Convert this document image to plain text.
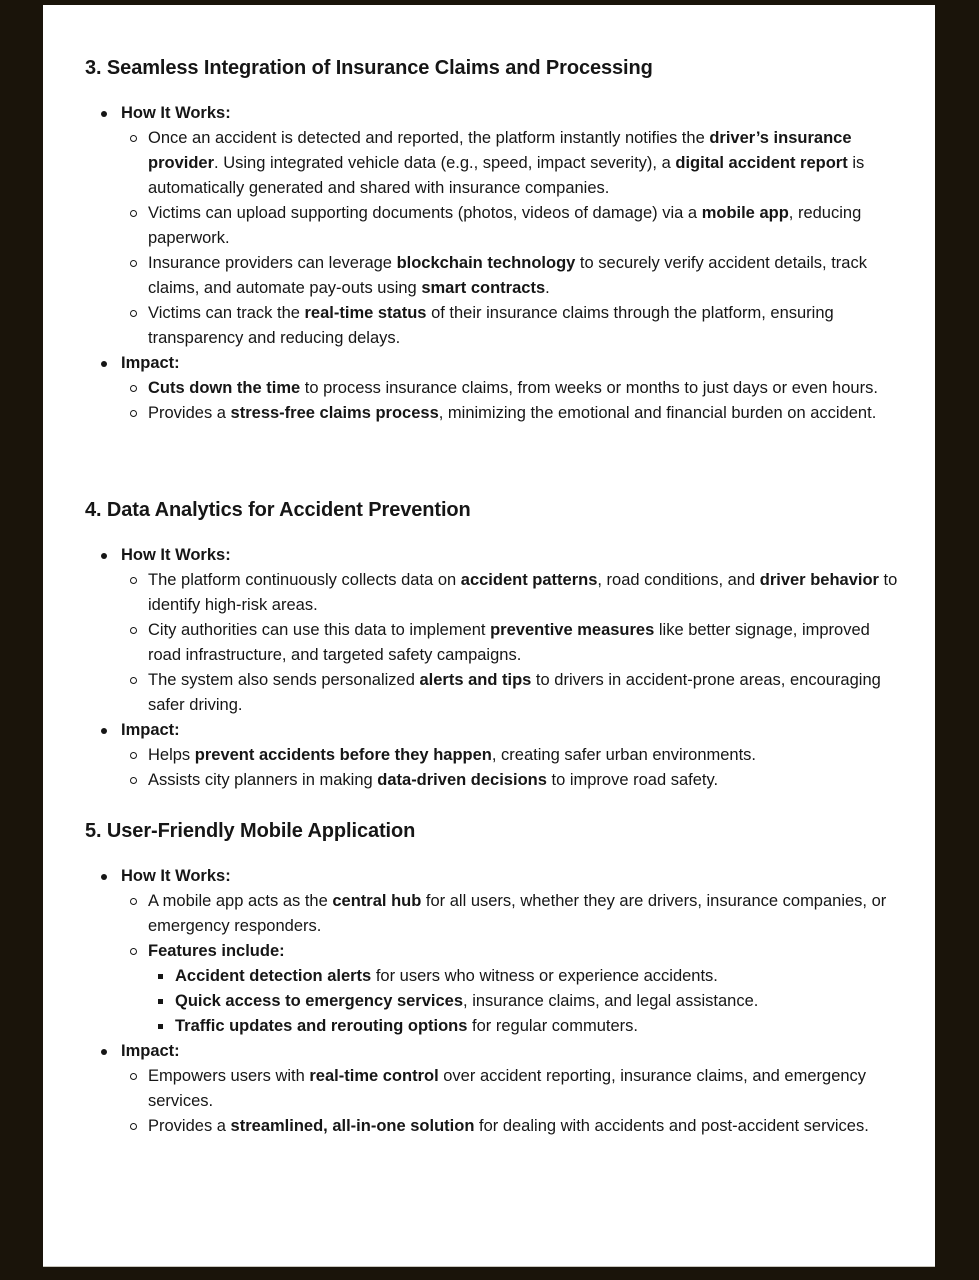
3. Seamless Integration of Insurance Claims and Processing
How It Works:
Once an accident is detected and reported, the platform instantly notifies the driver’s insurance provider. Using integrated vehicle data (e.g., speed, impact severity), a digital accident report is automatically generated and shared with insurance companies.
Victims can upload supporting documents (photos, videos of damage) via a mobile app, reducing paperwork.
Insurance providers can leverage blockchain technology to securely verify accident details, track claims, and automate pay-outs using smart contracts.
Victims can track the real-time status of their insurance claims through the platform, ensuring transparency and reducing delays.
Impact:
Cuts down the time to process insurance claims, from weeks or months to just days or even hours.
Provides a stress-free claims process, minimizing the emotional and financial burden on accident.
4. Data Analytics for Accident Prevention
How It Works:
The platform continuously collects data on accident patterns, road conditions, and driver behavior to identify high-risk areas.
City authorities can use this data to implement preventive measures like better signage, improved road infrastructure, and targeted safety campaigns.
The system also sends personalized alerts and tips to drivers in accident-prone areas, encouraging safer driving.
Impact:
Helps prevent accidents before they happen, creating safer urban environments.
Assists city planners in making data-driven decisions to improve road safety.
5. User-Friendly Mobile Application
How It Works:
A mobile app acts as the central hub for all users, whether they are drivers, insurance companies, or emergency responders.
Features include:
Accident detection alerts for users who witness or experience accidents.
Quick access to emergency services, insurance claims, and legal assistance.
Traffic updates and rerouting options for regular commuters.
Impact:
Empowers users with real-time control over accident reporting, insurance claims, and emergency services.
Provides a streamlined, all-in-one solution for dealing with accidents and post-accident services.
